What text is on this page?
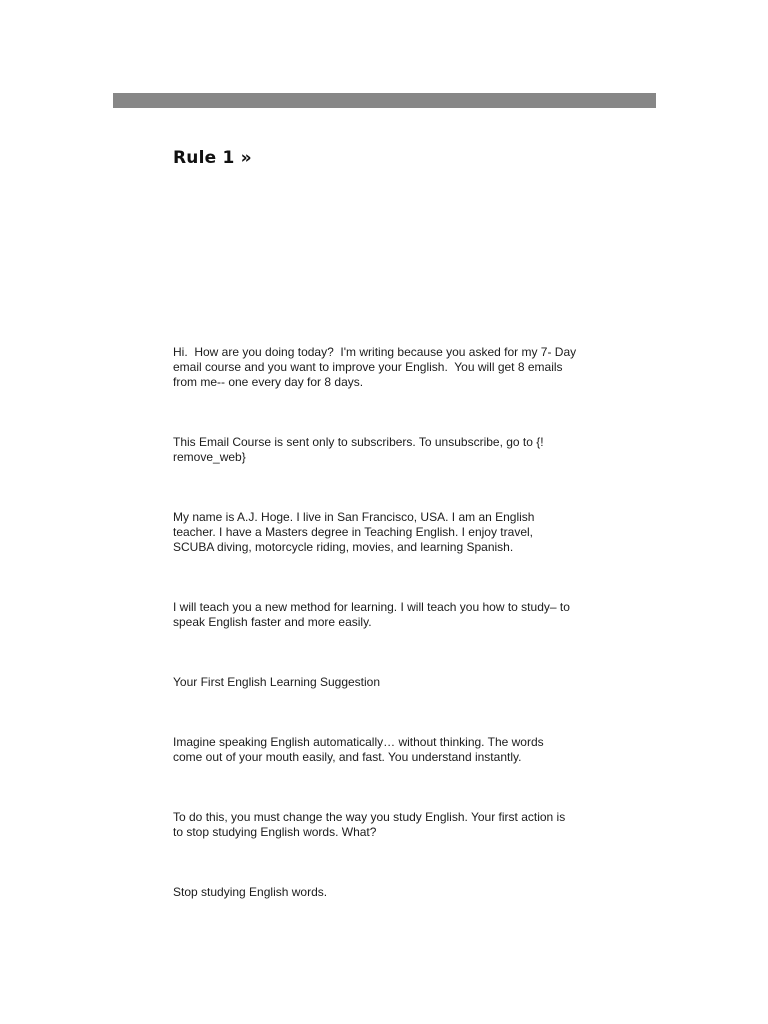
Rule 1 »

Hi.  How are you doing today?  I'm writing because you asked for my 7- Day
email course and you want to improve your English.  You will get 8 emails
from me-- one every day for 8 days.

This Email Course is sent only to subscribers. To unsubscribe, go to {!
remove_web}

My name is A.J. Hoge. I live in San Francisco, USA. I am an English
teacher. I have a Masters degree in Teaching English. I enjoy travel,
SCUBA diving, motorcycle riding, movies, and learning Spanish.

I will teach you a new method for learning. I will teach you how to study– to
speak English faster and more easily.

Your First English Learning Suggestion

Imagine speaking English automatically… without thinking. The words
come out of your mouth easily, and fast. You understand instantly.

To do this, you must change the way you study English. Your first action is
to stop studying English words. What?

Stop studying English words.
